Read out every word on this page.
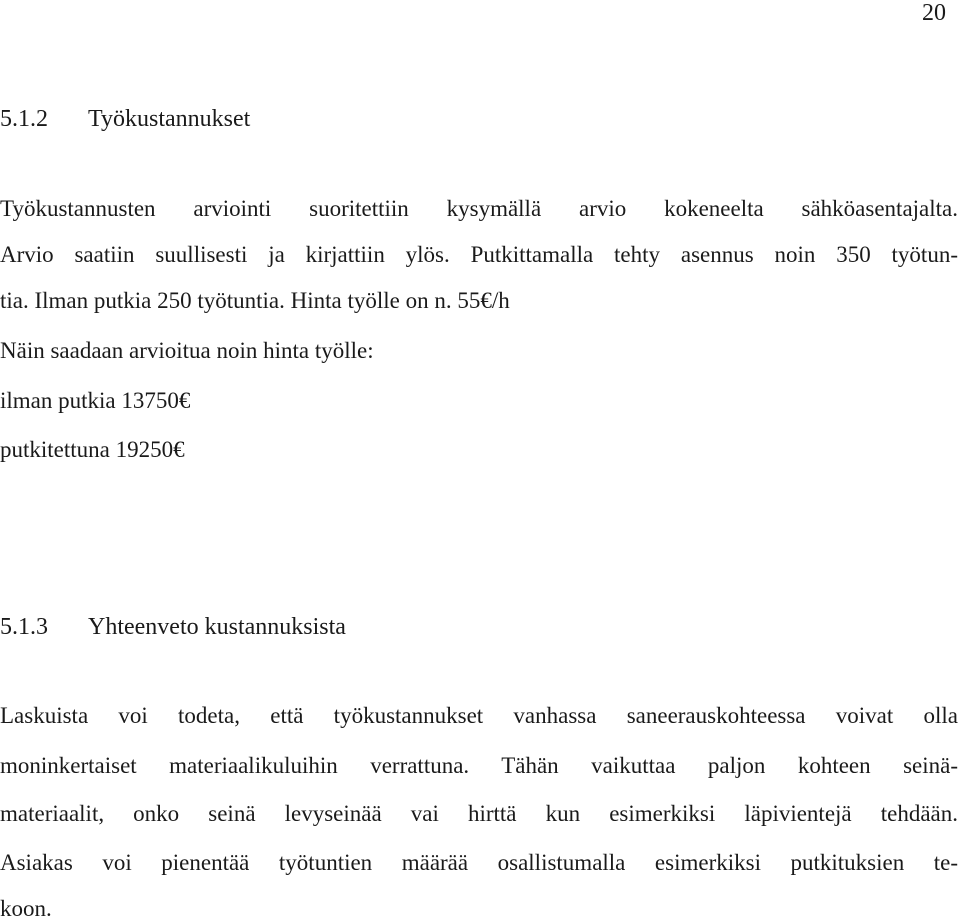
20
5.1.2	Työkustannukset
Työkustannusten arviointi suoritettiin kysymällä arvio kokeneelta sähköasentajalta.
Arvio saatiin suullisesti ja kirjattiin ylös. Putkittamalla tehty asennus noin 350 työtun-
tia. Ilman putkia 250 työtuntia. Hinta työlle on n. 55€/h
Näin saadaan arvioitua noin hinta työlle:
ilman putkia 13750€
putkitettuna 19250€
5.1.3	Yhteenveto kustannuksista
Laskuista voi todeta, että työkustannukset vanhassa saneerauskohteessa voivat olla
moninkertaiset materiaalikuluihin verrattuna. Tähän vaikuttaa paljon kohteen seinä-
materiaalit, onko seinä levyseinää vai hirttä kun esimerkiksi läpivientejä tehdään.
Asiakas voi pienentää työtuntien määrää osallistumalla esimerkiksi putkituksien te-
koon.
